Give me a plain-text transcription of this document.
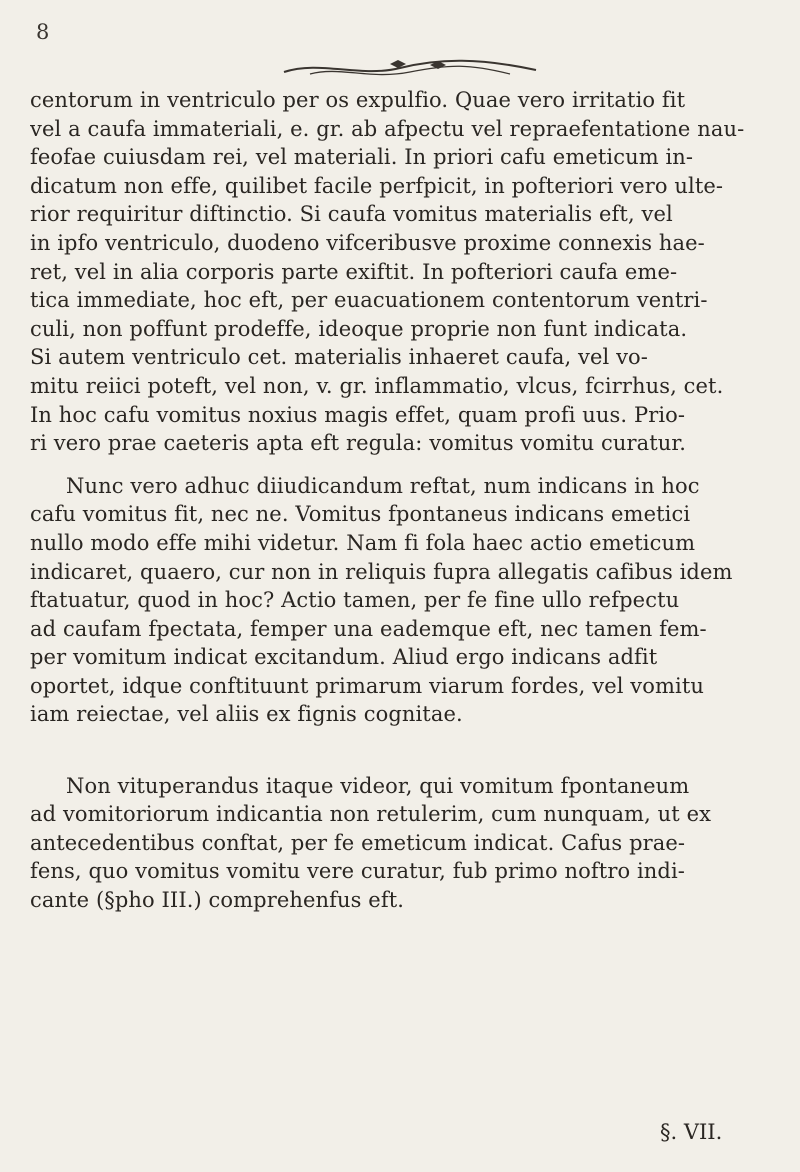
8
centorum in ventriculo per os expulfio. Quae vero irritatio fit
vel a caufa immateriali, e. gr. ab afpectu vel repraefentatione nau-
feofae cuiusdam rei, vel materiali. In priori cafu emeticum in-
dicatum non effe, quilibet facile perfpicit, in pofteriori vero ulte-
rior requiritur diftinctio. Si caufa vomitus materialis eft, vel
in ipfo ventriculo, duodeno vifceribusve proxime connexis hae-
ret, vel in alia corporis parte exiftit. In pofteriori caufa eme-
tica immediate, hoc eft, per euacuationem contentorum ventri-
culi, non poffunt prodeffe, ideoque proprie non funt indicata.
Si autem ventriculo cet. materialis inhaeret caufa, vel vo-
mitu reiici poteft, vel non, v. gr. inflammatio, vlcus, fcirrhus, cet.
In hoc cafu vomitus noxius magis effet, quam profi uus. Prio-
ri vero prae caeteris apta eft regula: vomitus vomitu curatur.
Nunc vero adhuc diiudicandum reftat, num indicans in hoc
cafu vomitus fit, nec ne. Vomitus fpontaneus indicans emetici
nullo modo effe mihi videtur. Nam fi fola haec actio emeticum
indicaret, quaero, cur non in reliquis fupra allegatis cafibus idem
ftatuatur, quod in hoc? Actio tamen, per fe fine ullo refpectu
ad caufam fpectata, femper una eademque eft, nec tamen fem-
per vomitum indicat excitandum. Aliud ergo indicans adfit
oportet, idque conftituunt primarum viarum fordes, vel vomitu
iam reiectae, vel aliis ex fignis cognitae.
Non vituperandus itaque videor, qui vomitum fpontaneum
ad vomitoriorum indicantia non retulerim, cum nunquam, ut ex
antecedentibus conftat, per fe emeticum indicat. Cafus prae-
fens, quo vomitus vomitu vere curatur, fub primo noftro indi-
cante (§pho III.) comprehenfus eft.
§. VII.
